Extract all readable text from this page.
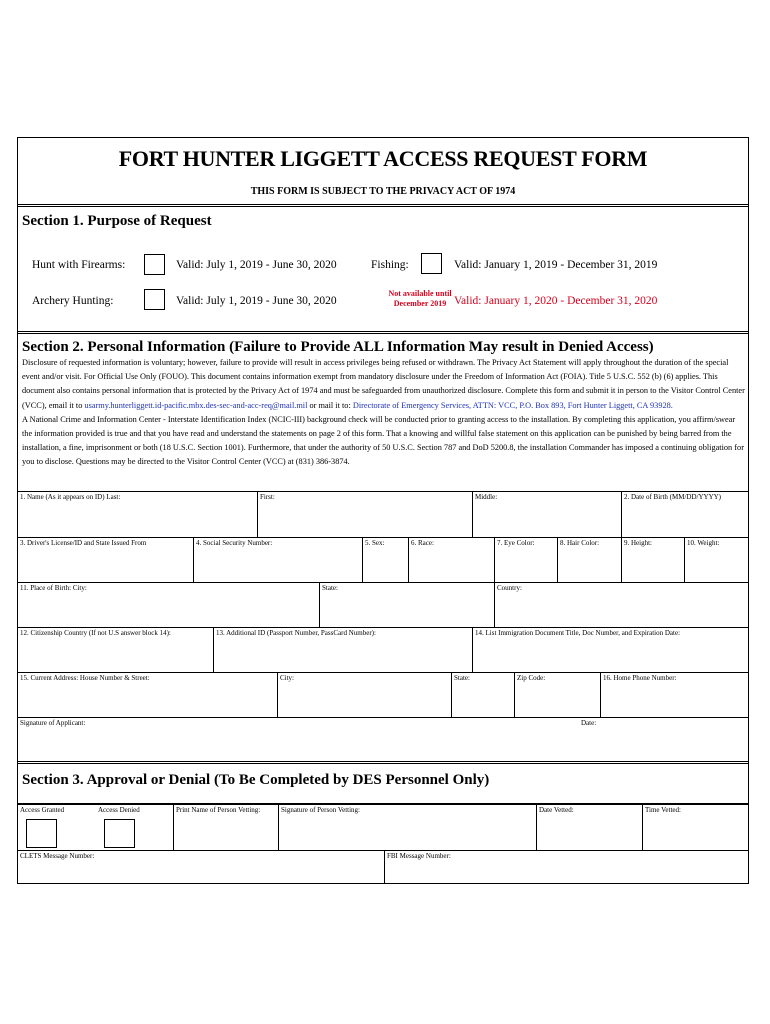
FORT HUNTER LIGGETT ACCESS REQUEST FORM
THIS FORM IS SUBJECT TO THE PRIVACY ACT OF 1974
Section 1. Purpose of Request
Hunt with Firearms:	Valid: July 1, 2019 - June 30, 2020	Fishing:	Valid: January 1, 2019 - December 31, 2019
Archery Hunting:	Valid: July 1, 2019 - June 30, 2020
Not available until
December 2019 Valid: January 1, 2020 - December 31, 2020
Section 2. Personal Information (Failure to Provide ALL Information May result in Denied Access)
Disclosure of requested information is voluntary; however, failure to provide will result in access privileges being refused or withdrawn. The Privacy Act Statement will apply throughout the duration of the special event and/or visit. For Official Use Only (FOUO). This document contains information exempt from mandatory disclosure under the Freedom of Information Act (FOIA). Title 5 U.S.C. 552 (b) (6) applies. This document also contains personal information that is protected by the Privacy Act of 1974 and must be safeguarded from unauthorized disclosure. Complete this form and submit it in person to the Visitor Control Center (VCC), email it to usarmy.hunterliggett.id-pacific.mbx.des-sec-and-acc-req@mail.mil or mail it to: Directorate of Emergency Services, ATTN: VCC, P.O. Box 893, Fort Hunter Liggett, CA 93928.
A National Crime and Information Center - Interstate Identification Index (NCIC-III) background check will be conducted prior to granting access to the installation. By completing this application, you affirm/swear the information provided is true and that you have read and understand the statements on page 2 of this form. That a knowing and willful false statement on this application can be punished by being barred from the installation, a fine, imprisonment or both (18 U.S.C. Section 1001). Furthermore, that under the authority of 50 U.S.C. Section 787 and DoD 5200.8, the installation Commander has imposed a continuing obligation for you to disclose. Questions may be directed to the Visitor Control Center (VCC) at (831) 386-3874.
1. Name (As it appears on ID) Last:	First:	Middle:	2. Date of Birth (MM/DD/YYYY)
3. Driver's License/ID and State Issued From	4. Social Security Number:	5. Sex:	6. Race:	7. Eye Color:	8. Hair Color:	9. Height:	10. Weight:
11. Place of Birth: City:	State:	Country:
12. Citizenship Country (If not U.S answer block 14):	13. Additional ID (Passport Number, PassCard Number):	14. List Immigration Document Title, Doc Number, and Expiration Date:
15. Current Address: House Number & Street:	City:	State:	Zip Code:	16. Home Phone Number:
Signature of Applicant:	Date:
Section 3. Approval or Denial (To Be Completed by DES Personnel Only)
Access Granted	Access Denied	Print Name of Person Vetting:	Signature of Person Vetting:	Date Vetted:	Time Vetted:
CLETS Message Number:	FBI Message Number:
